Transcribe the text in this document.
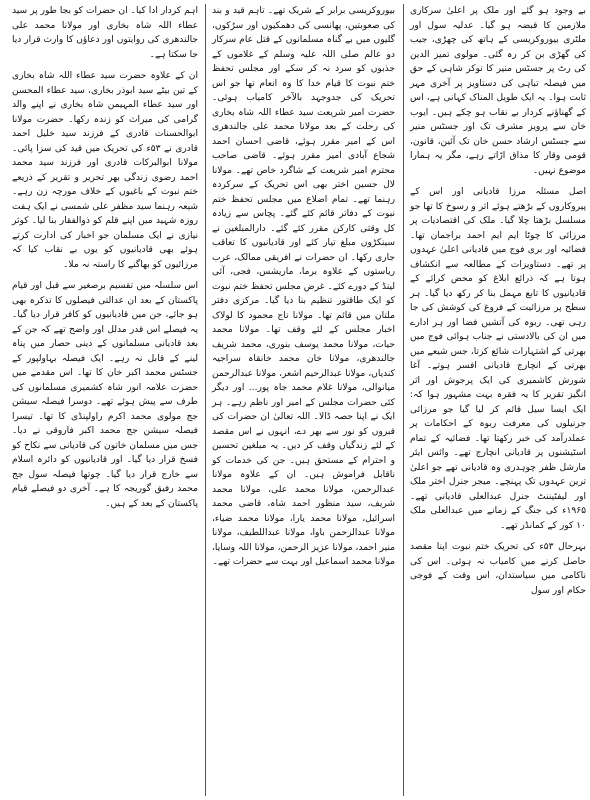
بے وجود ہو گئے اور ملک پر اعلیٰ سرکاری ملازمین کا قبضہ ہو گیا۔ عدلیہ سول اور ملٹری بیوروکریسی کے ہاتھ کی چھڑی، جیب کی گھڑی بن کر رہ گئی۔ مولوی تمیز الدین کی رٹ پر جسٹس منیر کا نوکر شاہی کے حق میں فیصلہ تباہی کی دستاویز پر آخری مہر ثابت ہوا۔ یہ ایک طویل المناک کہانی ہے، اس کے گھناؤنے کردار بے نقاب ہو چکے ہیں۔ ایوب خان سے پرویز مشرف تک اور جسٹس منیر سے جسٹس ارشاد حسن خان تک آئین، قانون، قومی وقار کا مذاق اڑاتے رہے، مگر یہ ہمارا موضوع نہیں۔

اصل مسئلہ مرزا قادیانی اور اس کے پیروکاروں کے بڑھتے ہوئے اثر و رسوخ کا تھا جو مسلسل بڑھتا چلا گیا۔ ملک کی اقتصادیات پر مرزائی کا چوٹا ایم ایم احمد براجمان تھا۔ فضائیہ اور بری فوج میں قادیانی اعلیٰ عہدوں پر تھے۔ دستاویزات کے مطالعہ سے انکشاف ہوتا ہے کہ ذرائع ابلاغ کو محض کرائے کے قادیانیوں کا تابع مہمل بنا کر رکھ دیا گیا۔ ہر سطح پر مرزائیت کے فروغ کی کوشش کی جا رہی تھی۔ ربوہ کی آتشیں فضا اور ہر ادارے میں ان کی بالادستی نے جناب ہوائی فوج میں بھرتی کے اشتہارات شائع کرتا، جس شیعے میں بھرتی کے انچارج قادیانی افسر ہوتے۔ آغا شورش کاشمیری کی ایک پرجوش اور اثر انگیز تقریر کا یہ فقرہ بہت مشہور ہوا کہ: ایک ایسا سیل قائم کر لیا گیا جو مرزائی جرنیلوں کی معرفت ربوہ کے احکامات پر عملدرآمد کی خبر رکھتا تھا۔ فضائیہ کے تمام اسٹیشنوں پر قادیانی انچارج تھے۔ وائس ایئر مارشل ظفر چوہدری وہ قادیانی تھے جو اعلیٰ ترین عہدوں تک پہنچے۔ میجر جنرل اختر ملک اور لیفٹیننٹ جنرل عبدالعلی قادیانی تھے۔ ۱۹۶۵ء کی جنگ کے زمانے میں عبدالعلی ملک ۱۰ کور کے کمانڈر تھے۔

بہرحال ۵۳ء کی تحریک ختم نبوت اپنا مقصد حاصل کرنے میں کامیاب نہ ہوئی۔ اس کی ناکامی میں سیاستدان، اس وقت کے فوجی حکام اور سول

بیوروکریسی برابر کے شریک تھے۔ تاہم قید و بند کی صعوبتیں، پھانسی کی دھمکیوں اور سڑکوں، گلیوں میں بے گناہ مسلمانوں کے قتل عام سرکار دو عالم صلی اللہ علیہ وسلم کے غلاموں کے جذبوں کو سرد نہ کر سکے اور مجلس تحفظ ختم نبوت کا قیام خدا کا وہ انعام تھا جو اس تحریک کی جدوجہد بالآخر کامیاب ہوئی۔ حضرت امیر شریعت سید عطاء اللہ شاہ بخاری کی رحلت کے بعد مولانا محمد علی جالندھری اس کے امیر مقرر ہوئے، قاضی احسان احمد شجاع آبادی امیر مقرر ہوئے۔ قاضی صاحب محترم امیر شریعت کے شاگرد خاص تھے۔ مولانا لال حسین اختر بھی اس تحریک کے سرکردہ رہنما تھے۔ تمام اضلاع میں مجلس تحفظ ختم نبوت کے دفاتر قائم کئے گئے۔ پچاس سے زیادہ کل وقتی کارکن مقرر کئے گئے۔ دارالمبلغین نے سینکڑوں مبلغ تیار کئے اور قادیانیوں کا تعاقب جاری رکھا۔ ان حضرات نے افریقی ممالک، عرب ریاستوں کے علاوہ برما، ماریشس، فجی، آئی لینڈ کے دورے کئے۔ غرض مجلس تحفظ ختم نبوت کو ایک طاقتور تنظیم بنا دیا گیا۔ مرکزی دفتر ملتان میں قائم تھا۔ مولانا تاج محمود کا لولاک اخبار مجلس کے لئے وقف تھا۔ مولانا محمد حیات، مولانا محمد یوسف بنوری، محمد شریف جالندھری، مولانا خان محمد خانقاہ سراجیہ کندیاں، مولانا عبدالرحیم اشعر، مولانا عبدالرحمن میانوالی، مولانا غلام محمد جاہ پور... اور دیگر کئی حضرات مجلس کے امیر اور ناظم رہے۔ ہر ایک نے اپنا حصہ ڈالا۔ اللہ تعالیٰ ان حضرات کی قبروں کو نور سے بھر دے، انہوں نے اس مقصد کے لئے زندگیاں وقف کر دیں۔ یہ مبلغین تحسین و احترام کے مستحق ہیں۔ جن کی خدمات کو ناقابل فراموش ہیں۔ ان کے علاوہ مولانا عبدالرحمن، مولانا محمد علی، مولانا محمد شریف، سید منظور احمد شاہ، قاضی محمد اسرائیل، مولانا محمد یارا، مولانا محمد ضیاء، مولانا عبدالرحمن باوا، مولانا عبداللطیف، مولانا منیر احمد، مولانا عزیز الرحمن، مولانا اللہ وسایا، مولانا محمد اسماعیل اور بہت سے حضرات تھے۔

اہم کردار ادا کیا۔ ان حضرات کو بجا طور پر سید عطاء اللہ شاہ بخاری اور مولانا محمد علی جالندھری کی روایتوں اور دعاؤں کا وارث قرار دیا جا سکتا ہے۔

ان کے علاوہ حضرت سید عطاء اللہ شاہ بخاری کے تین بیٹے سید ابوذر بخاری، سید عطاء المحسن اور سید عطاء المہیمن شاہ بخاری نے اپنے والد گرامی کی میراث کو زندہ رکھا۔ حضرت مولانا ابوالحسنات قادری کے فرزند سید خلیل احمد قادری نے ۵۳ء کی تحریک میں قید کی سزا پائی۔ مولانا ابوالبرکات قادری اور فرزند سید محمد احمد رضوی زندگی بھر تحریر و تقریر کے ذریعے ختم نبوت کے باغیوں کے خلاف مورچہ زن رہے۔ شیعہ رہنما سید مظفر علی شمسی نے ایک ہفت روزہ شہید میں اپنے قلم کو ذوالفقار بنا لیا۔ کوثر نیازی نے ایک مسلمان جو اخبار کی ادارت کرتے ہوئے بھی قادیانیوں کو یوں بے نقاب کیا کہ مرزائیوں کو بھاگنے کا راستہ نہ ملا۔

اس سلسلہ میں تقسیم برصغیر سے قبل اور قیام پاکستان کے بعد ان عدالتی فیصلوں کا تذکرہ بھی ہو جائے، جن میں قادیانیوں کو کافر قرار دیا گیا۔ یہ فیصلے اس قدر مدلل اور واضح تھے کہ جن کے بعد قادیانی مسلمانوں کے دینی حصار میں پناہ لینے کے قابل نہ رہے۔ ایک فیصلہ بہاولپور کے جسٹس محمد اکبر خان کا تھا۔ اس مقدمے میں حضرت علامہ انور شاہ کشمیری مسلمانوں کی طرف سے پیش ہوئے تھے۔ دوسرا فیصلہ سیشن جج مولوی محمد اکرم راولپنڈی کا تھا۔ تیسرا فیصلہ سیشن جج محمد اکبر فاروقی نے دیا۔ جس میں مسلمان خاتون کی قادیانی سے نکاح کو فسخ قرار دیا گیا۔ اور قادیانیوں کو دائرہ اسلام سے خارج قرار دیا گیا۔ چوتھا فیصلہ سول جج محمد رفیق گوریجہ کا ہے۔ آخری دو فیصلے قیام پاکستان کے بعد کے ہیں۔
